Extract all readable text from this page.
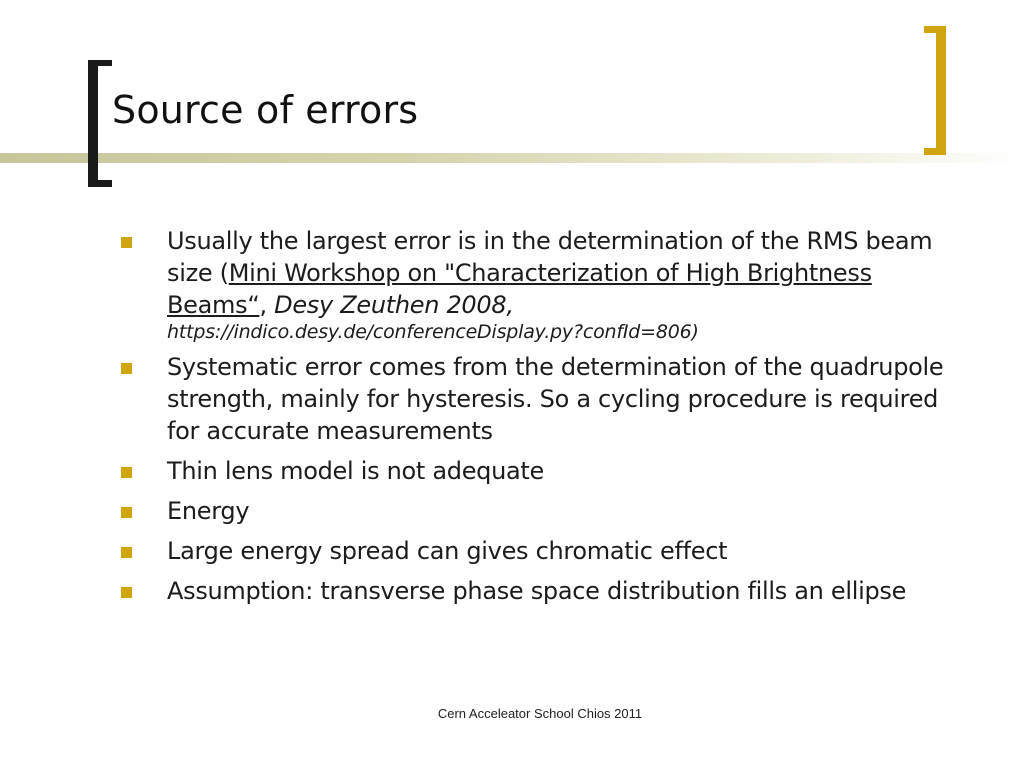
Source of errors
Usually the largest error is in the determination of the RMS beam size (Mini Workshop on "Characterization of High Brightness Beams“, Desy Zeuthen 2008,
https://indico.desy.de/conferenceDisplay.py?confId=806)
Systematic error comes from the determination of the quadrupole strength, mainly for hysteresis. So a cycling procedure is required for accurate measurements
Thin lens model is not adequate
Energy
Large energy spread can gives chromatic effect
Assumption: transverse phase space distribution fills an ellipse
Cern Acceleator School Chios 2011
